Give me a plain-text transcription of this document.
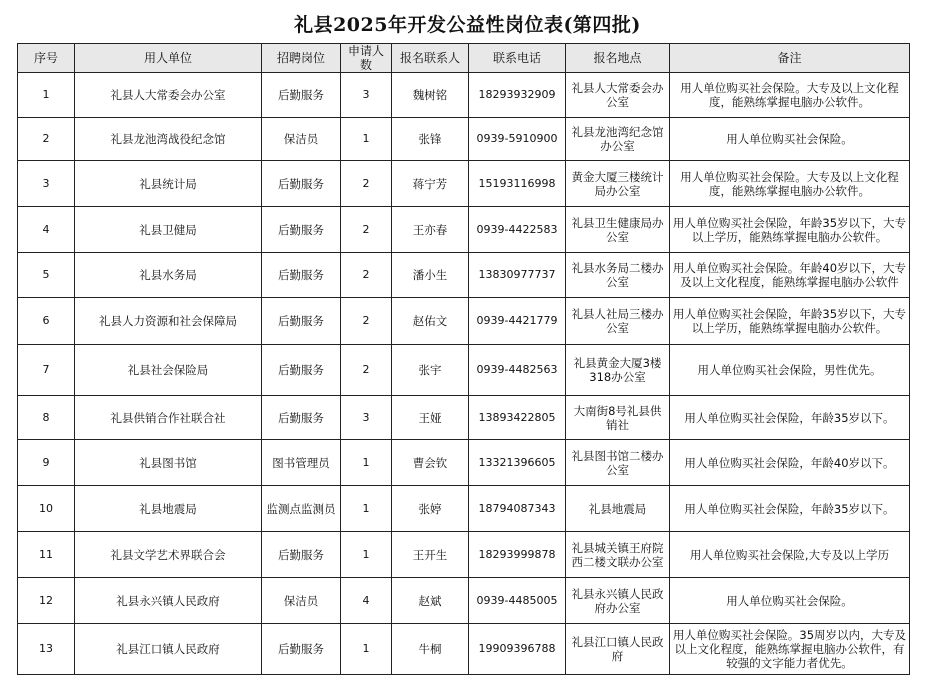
礼县2025年开发公益性岗位表(第四批)
序号	用人单位	招聘岗位	申请人数	报名联系人	联系电话	报名地点	备注
1	礼县人大常委会办公室	后勤服务	3	魏树铭	18293932909	礼县人大常委会办公室	用人单位购买社会保险。大专及以上文化程度，能熟练掌握电脑办公软件。
2	礼县龙池湾战役纪念馆	保洁员	1	张锋	0939-5910900	礼县龙池湾纪念馆办公室	用人单位购买社会保险。
3	礼县统计局	后勤服务	2	蒋宁芳	15193116998	黄金大厦三楼统计局办公室	用人单位购买社会保险。大专及以上文化程度，能熟练掌握电脑办公软件。
4	礼县卫健局	后勤服务	2	王亦春	0939-4422583	礼县卫生健康局办公室	用人单位购买社会保险，年龄35岁以下，大专以上学历，能熟练掌握电脑办公软件。
5	礼县水务局	后勤服务	2	潘小生	13830977737	礼县水务局二楼办公室	用人单位购买社会保险。年龄40岁以下，大专及以上文化程度，能熟练掌握电脑办公软件
6	礼县人力资源和社会保障局	后勤服务	2	赵佑文	0939-4421779	礼县人社局三楼办公室	用人单位购买社会保险，年龄35岁以下，大专以上学历，能熟练掌握电脑办公软件。
7	礼县社会保险局	后勤服务	2	张宇	0939-4482563	礼县黄金大厦3楼318办公室	用人单位购买社会保险，男性优先。
8	礼县供销合作社联合社	后勤服务	3	王娅	13893422805	大南街8号礼县供销社	用人单位购买社会保险，年龄35岁以下。
9	礼县图书馆	图书管理员	1	曹会钦	13321396605	礼县图书馆二楼办公室	用人单位购买社会保险，年龄40岁以下。
10	礼县地震局	监测点监测员	1	张婷	18794087343	礼县地震局	用人单位购买社会保险，年龄35岁以下。
11	礼县文学艺术界联合会	后勤服务	1	王开生	18293999878	礼县城关镇王府院西二楼文联办公室	用人单位购买社会保险,大专及以上学历
12	礼县永兴镇人民政府	保洁员	4	赵斌	0939-4485005	礼县永兴镇人民政府办公室	用人单位购买社会保险。
13	礼县江口镇人民政府	后勤服务	1	牛桐	19909396788	礼县江口镇人民政府	用人单位购买社会保险。35周岁以内，大专及以上文化程度，能熟练掌握电脑办公软件，有较强的文字能力者优先。
